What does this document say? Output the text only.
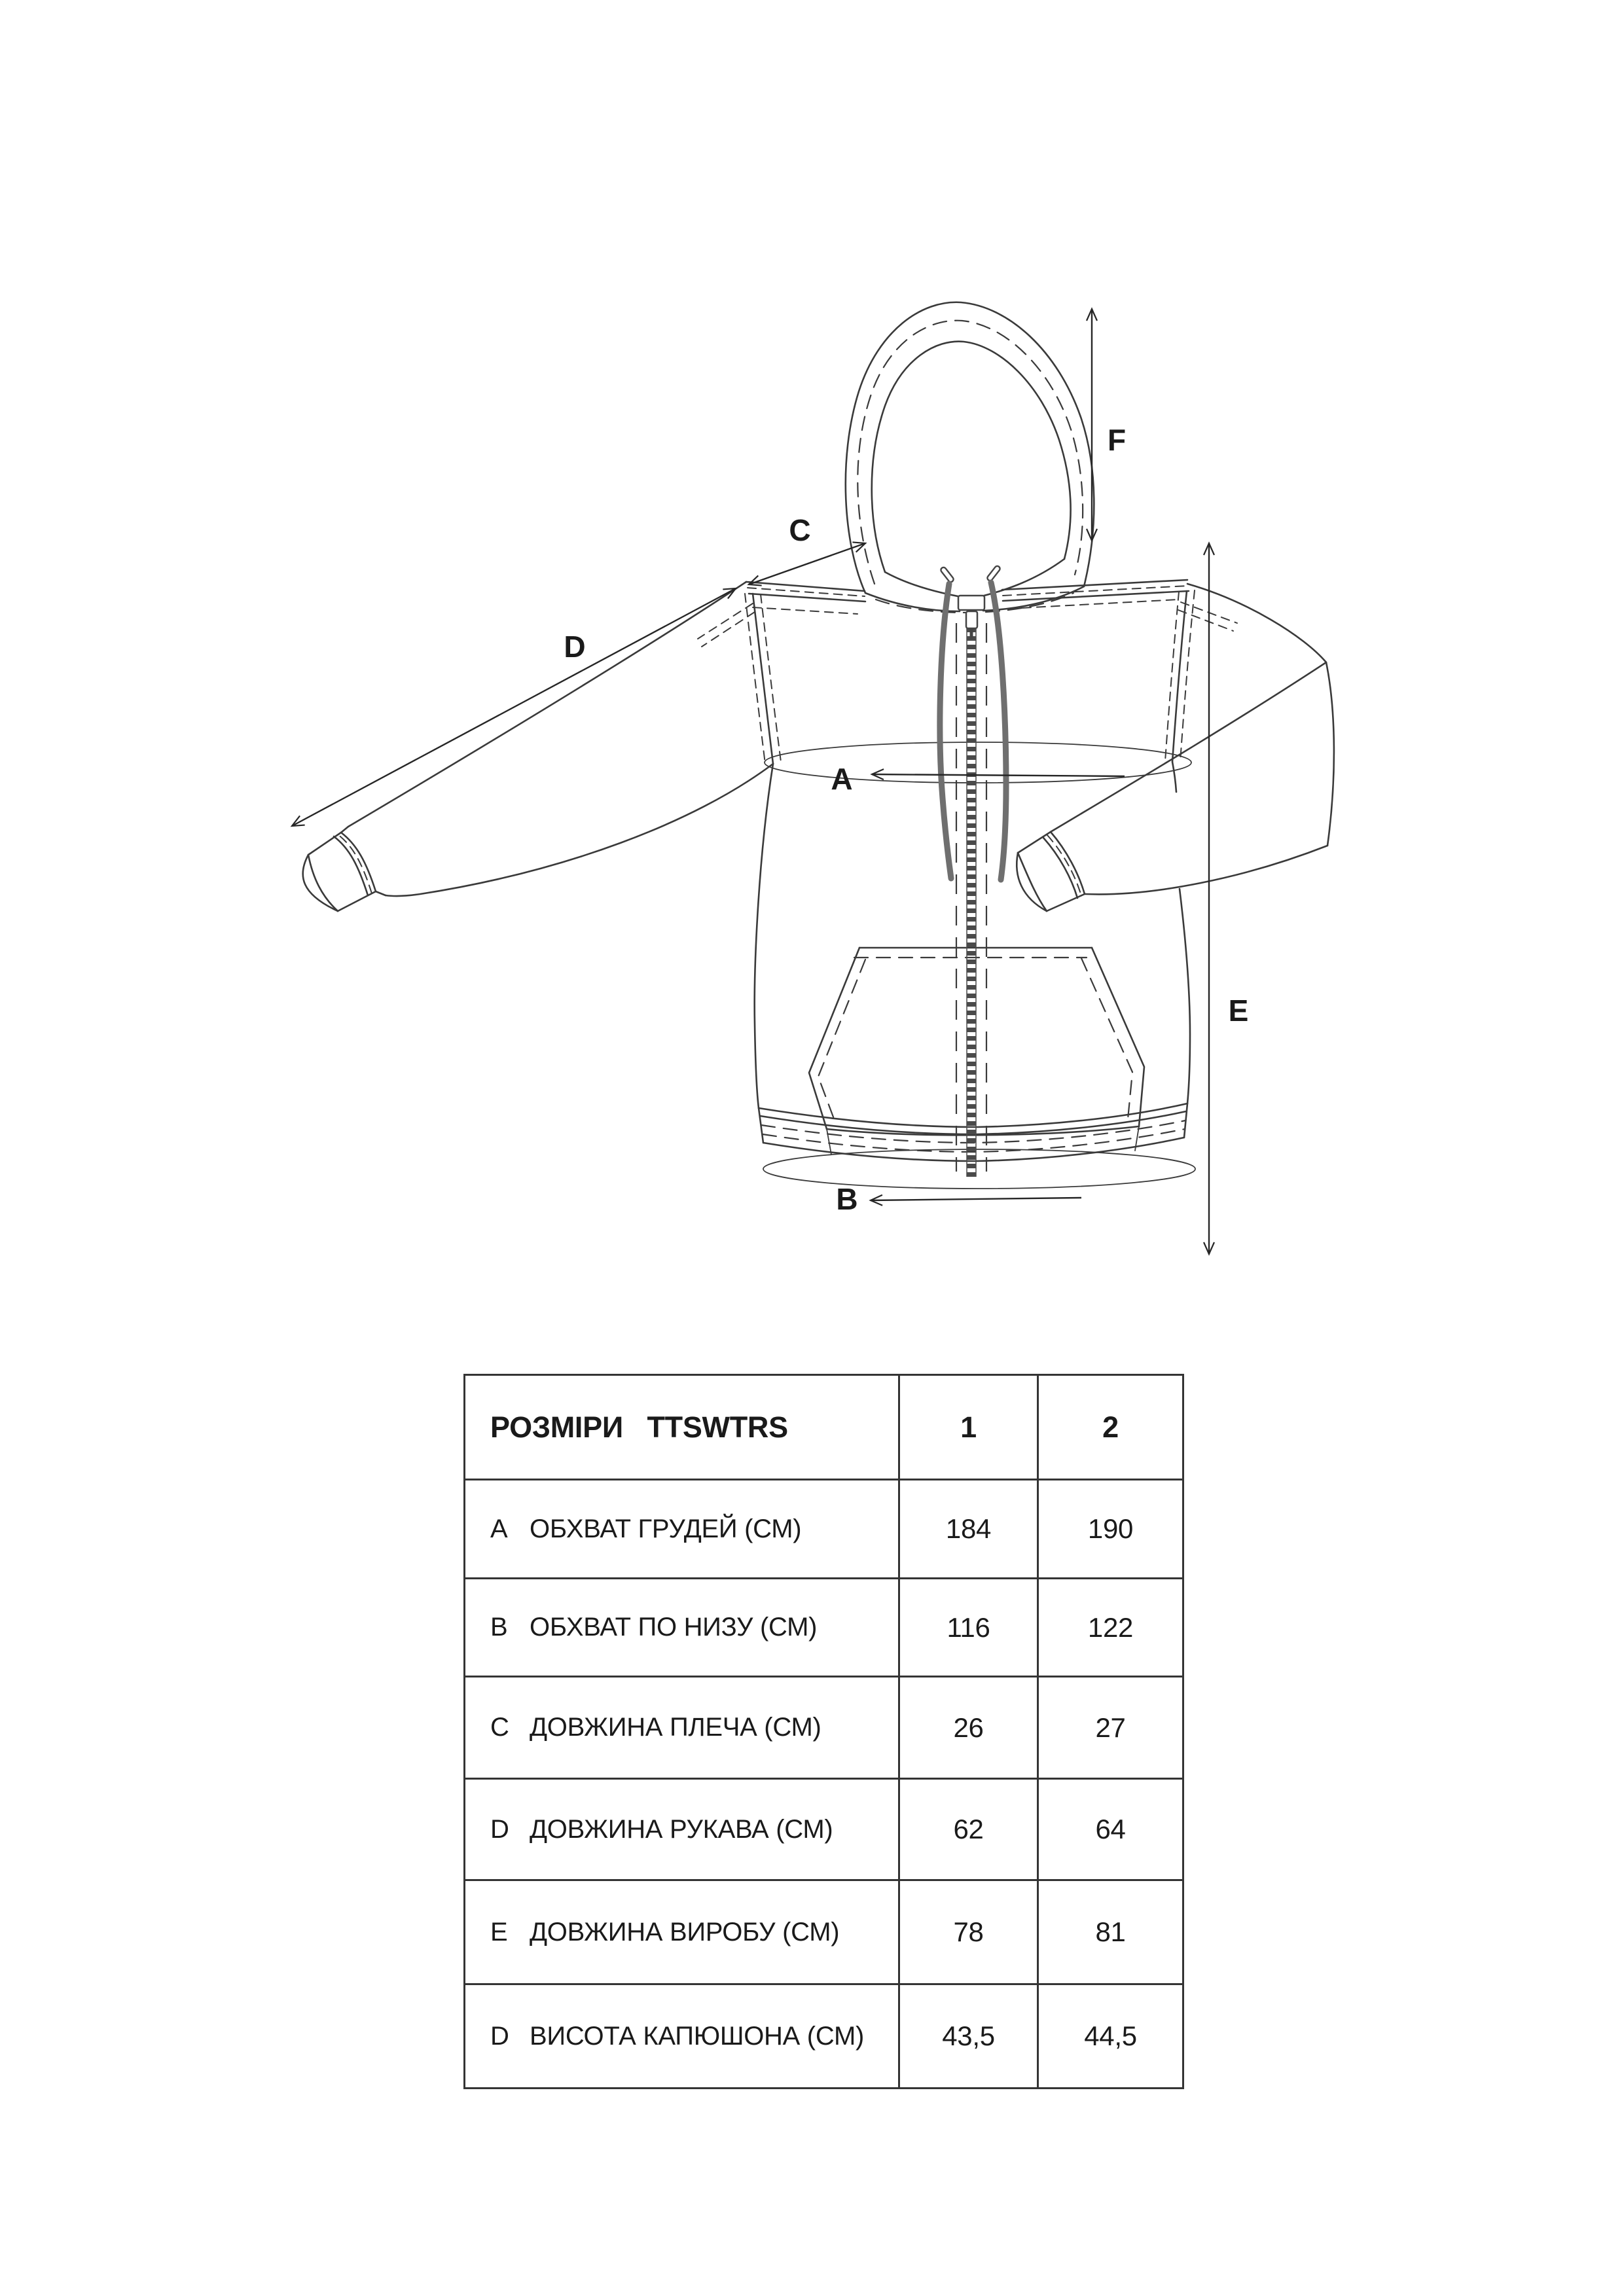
A
B
C
D
E
F
РОЗМІРИ   TTSWTRS	1	2
A ОБХВАТ ГРУДЕЙ (СМ)	184	190
B ОБХВАТ ПО НИЗУ (СМ)	116	122
C ДОВЖИНА ПЛЕЧА (СМ)	26	27
D ДОВЖИНА РУКАВА (СМ)	62	64
E ДОВЖИНА ВИРОБУ (СМ)	78	81
D ВИСОТА КАПЮШОНА (СМ)	43,5	44,5
